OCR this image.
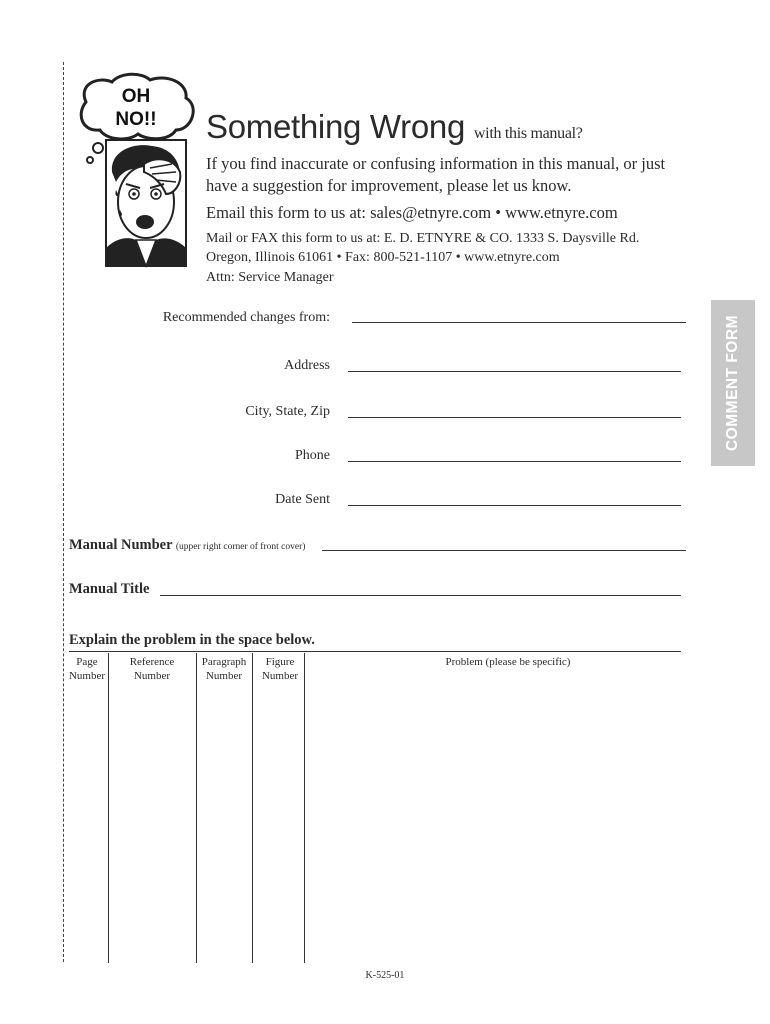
OH
NO!! Something Wrong with this manual?
If you find inaccurate or confusing information in this manual, or just
have a suggestion for improvement, please let us know.
Email this form to us at: sales@etnyre.com • www.etnyre.com
Mail or FAX this form to us at: E. D. ETNYRE & CO. 1333 S. Daysville Rd.
Oregon, Illinois 61061 • Fax: 800-521-1107 • www.etnyre.com
Attn: Service Manager
Recommended changes from:
Address
City, State, Zip
Phone
Date Sent
COMMENT FORM
Manual Number (upper right corner of front cover)
Manual Title
Explain the problem in the space below.
Page
Number
Reference
Number
Paragraph
Number
Figure
Number
Problem (please be specific)
K-525-01
